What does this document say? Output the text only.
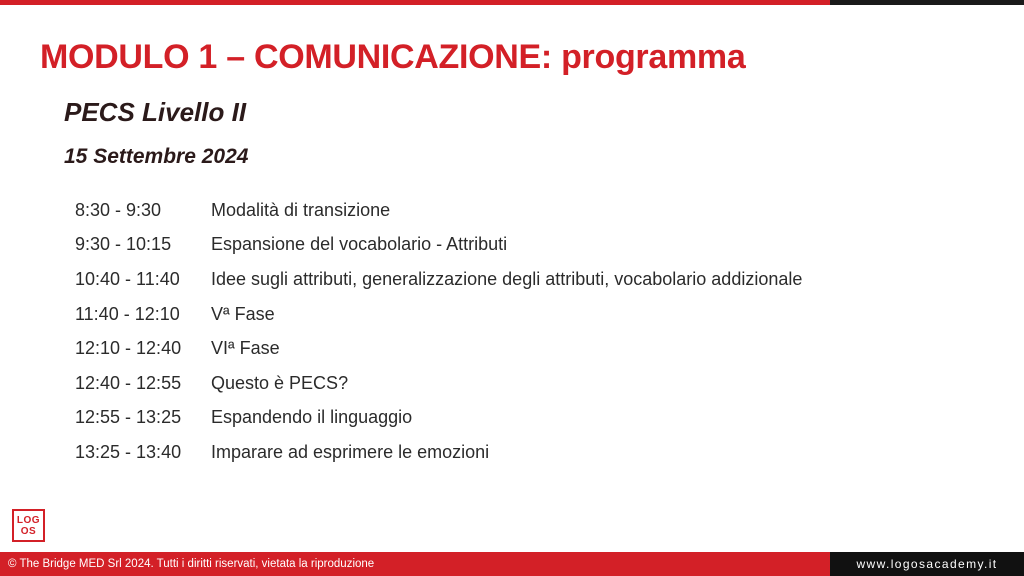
MODULO 1 – COMUNICAZIONE: programma
PECS Livello II
15 Settembre 2024
8:30 - 9:30	Modalità di transizione
9:30 - 10:15	Espansione del vocabolario - Attributi
10:40 - 11:40	Idee sugli attributi, generalizzazione degli attributi, vocabolario addizionale
11:40 - 12:10	Vª Fase
12:10 - 12:40	VIª Fase
12:40 - 12:55	Questo è PECS?
12:55 - 13:25	Espandendo il linguaggio
13:25 - 13:40	Imparare ad esprimere le emozioni
LOG
OS
© The Bridge MED Srl 2024. Tutti i diritti riservati, vietata la riproduzione	www.logosacademy.it
